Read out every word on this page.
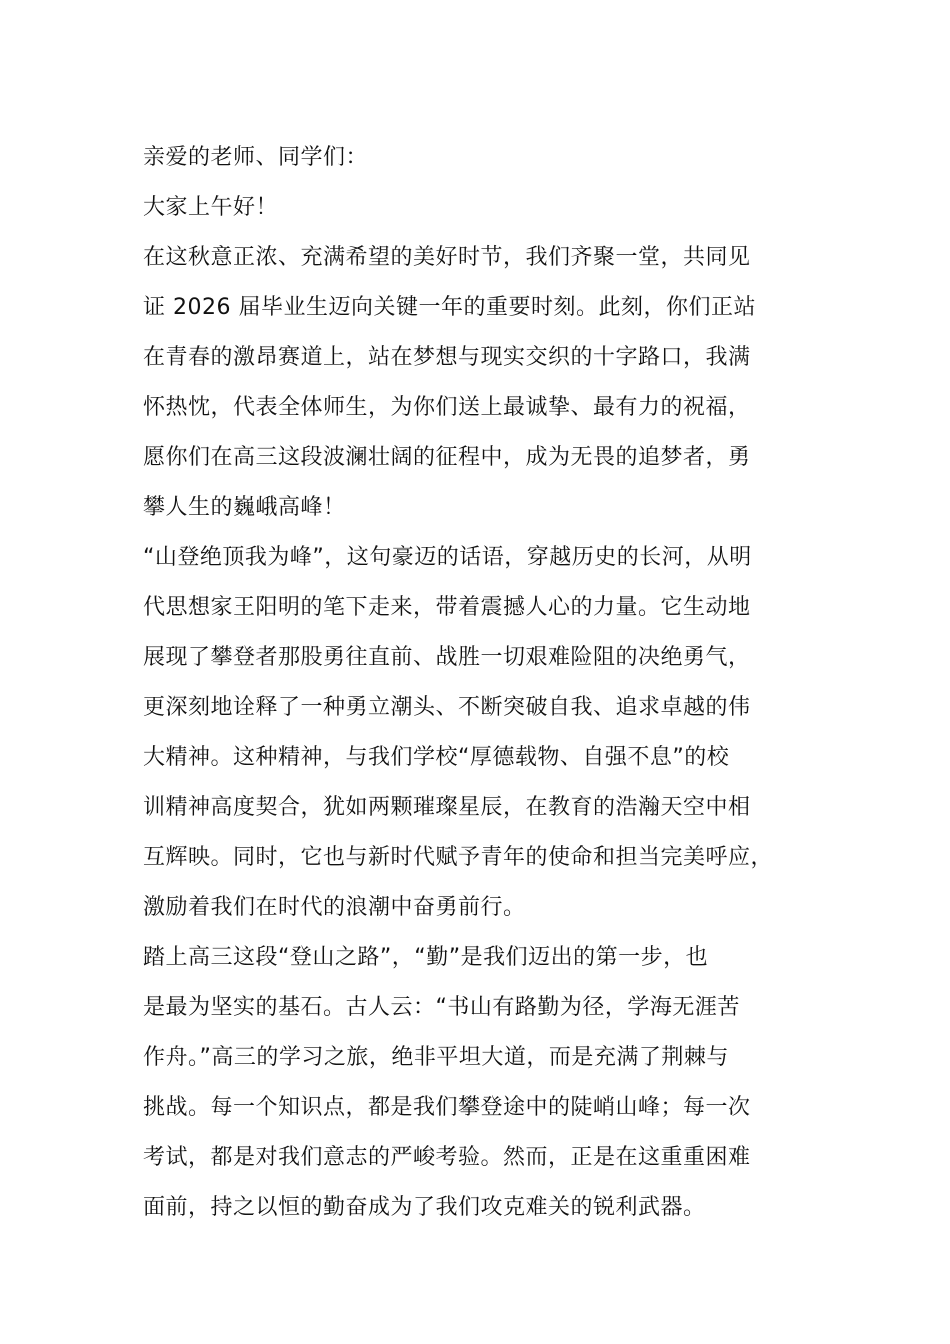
亲爱的老师、同学们：
大家上午好！
在这秋意正浓、充满希望的美好时节，我们齐聚一堂，共同见
证 2026 届毕业生迈向关键一年的重要时刻。此刻，你们正站
在青春的激昂赛道上，站在梦想与现实交织的十字路口，我满
怀热忱，代表全体师生，为你们送上最诚挚、最有力的祝福，
愿你们在高三这段波澜壮阔的征程中，成为无畏的追梦者，勇
攀人生的巍峨高峰！
“山登绝顶我为峰”，这句豪迈的话语，穿越历史的长河，从明
代思想家王阳明的笔下走来，带着震撼人心的力量。它生动地
展现了攀登者那股勇往直前、战胜一切艰难险阻的决绝勇气，
更深刻地诠释了一种勇立潮头、不断突破自我、追求卓越的伟
大精神。这种精神，与我们学校“厚德载物、自强不息”的校
训精神高度契合，犹如两颗璀璨星辰，在教育的浩瀚天空中相
互辉映。同时，它也与新时代赋予青年的使命和担当完美呼应，
激励着我们在时代的浪潮中奋勇前行。
踏上高三这段“登山之路”，“勤”是我们迈出的第一步，也
是最为坚实的基石。古人云：“书山有路勤为径，学海无涯苦
作舟。”高三的学习之旅，绝非平坦大道，而是充满了荆棘与
挑战。每一个知识点，都是我们攀登途中的陡峭山峰；每一次
考试，都是对我们意志的严峻考验。然而，正是在这重重困难
面前，持之以恒的勤奋成为了我们攻克难关的锐利武器。
